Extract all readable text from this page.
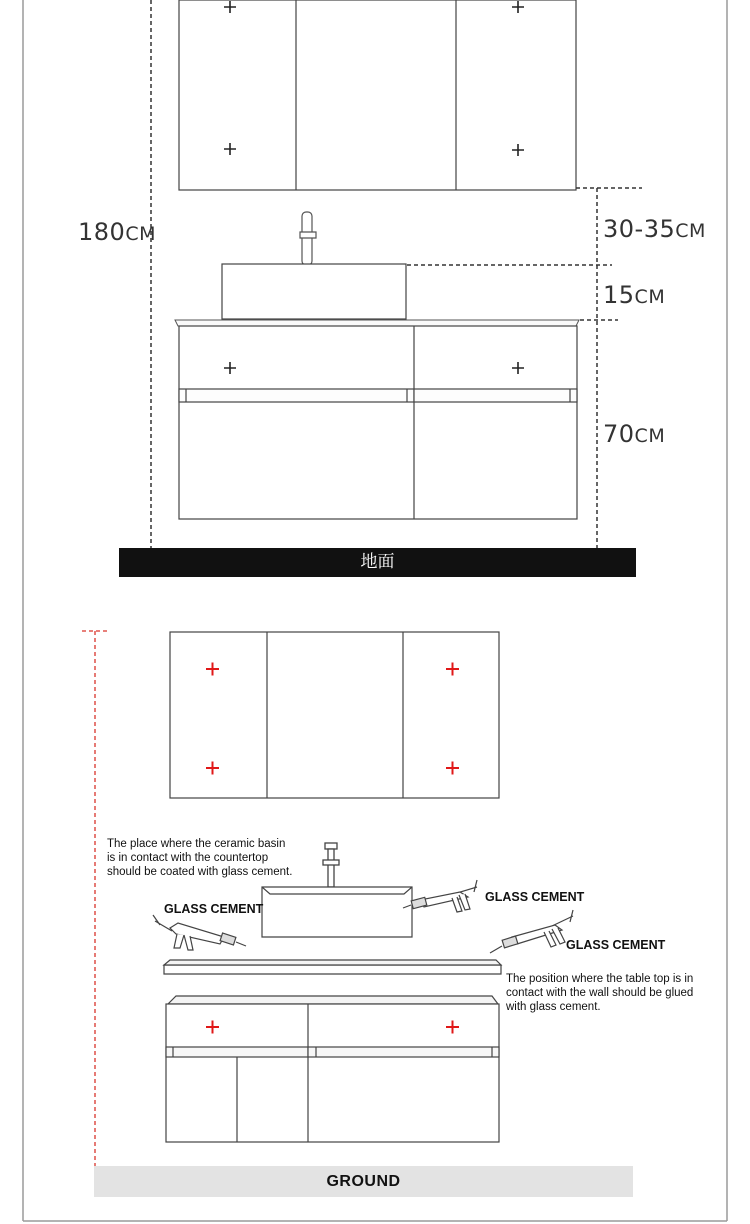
180CM	30-35CM
15CM
70CM
地面
The place where the ceramic basin
is in contact with the countertop
should be coated with glass cement.
GLASS CEMENT
GLASS CEMENT
GLASS CEMENT
The position where the table top is in
contact with the wall should be glued
with glass cement.
GROUND
